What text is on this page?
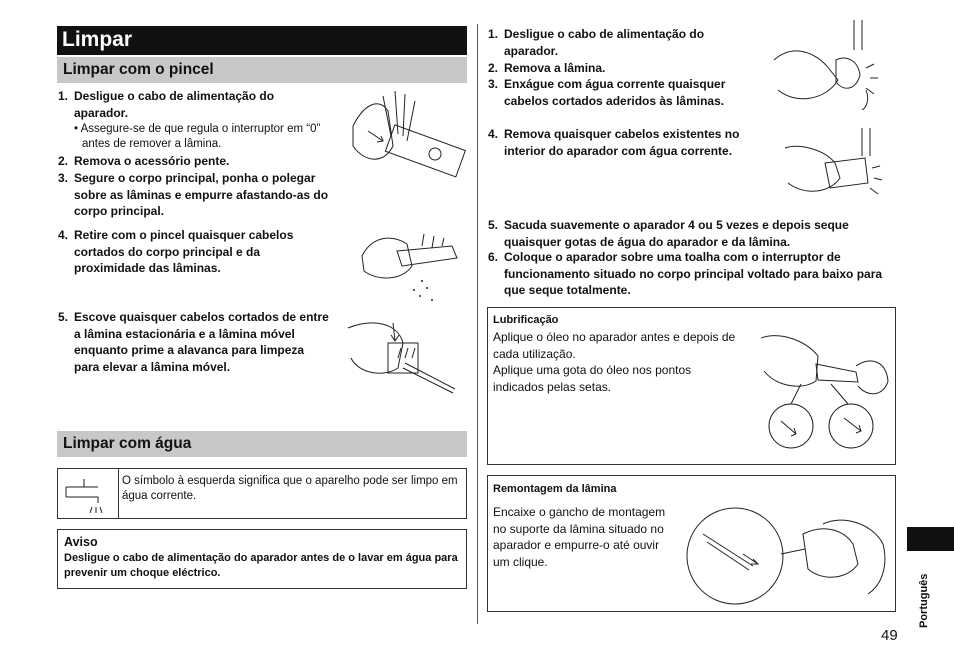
Limpar
Limpar com o pincel
1. Desligue o cabo de alimentação do aparador.
• Assegure-se de que regula o interruptor em “0” antes de remover a lâmina.
2. Remova o acessório pente.
3. Segure o corpo principal, ponha o polegar sobre as lâminas e empurre afastando-as do corpo principal.
4. Retire com o pincel quaisquer cabelos cortados do corpo principal e da proximidade das lâminas.
5. Escove quaisquer cabelos cortados de entre a lâmina estacionária e a lâmina móvel enquanto prime a alavanca para limpeza para elevar a lâmina móvel.
Limpar com água
O símbolo à esquerda significa que o aparelho pode ser limpo em água corrente.
Aviso
Desligue o cabo de alimentação do aparador antes de o lavar em água para prevenir um choque eléctrico.
1. Desligue o cabo de alimentação do aparador.
2. Remova a lâmina.
3. Enxágue com água corrente quaisquer cabelos cortados aderidos às lâminas.
4. Remova quaisquer cabelos existentes no interior do aparador com água corrente.
5. Sacuda suavemente o aparador 4 ou 5 vezes e depois seque quaisquer gotas de água do aparador e da lâmina.
6. Coloque o aparador sobre uma toalha com o interruptor de funcionamento situado no corpo principal voltado para baixo para que seque totalmente.
Lubrificação
Aplique o óleo no aparador antes e depois de cada utilização.
Aplique uma gota do óleo nos pontos indicados pelas setas.
Remontagem da lâmina
Encaixe o gancho de montagem no suporte da lâmina situado no aparador e empurre-o até ouvir um clique.
Português
49
